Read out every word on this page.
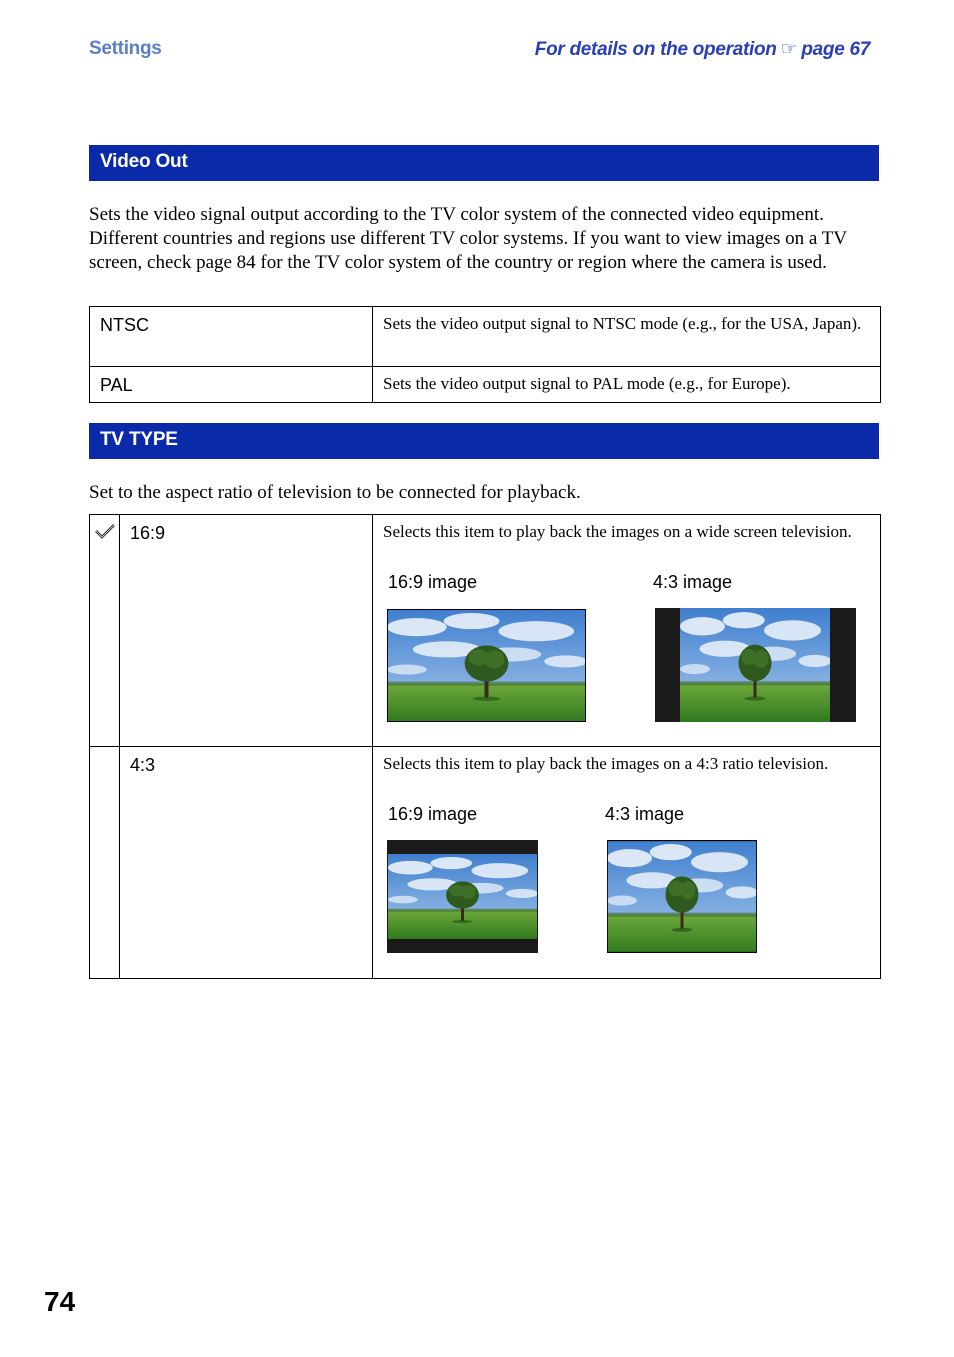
Settings	For details on the operation ☞ page 67
Video Out
Sets the video signal output according to the TV color system of the connected video equipment. Different countries and regions use different TV color systems. If you want to view images on a TV screen, check page 84 for the TV color system of the country or region where the camera is used.
NTSC	Sets the video output signal to NTSC mode (e.g., for the USA, Japan).
PAL	Sets the video output signal to PAL mode (e.g., for Europe).
TV TYPE
Set to the aspect ratio of television to be connected for playback.
	16:9	Selects this item to play back the images on a wide screen television.
16:9 image 4:3 image

	4:3	Selects this item to play back the images on a 4:3 ratio television.
16:9 image 4:3 image
74
